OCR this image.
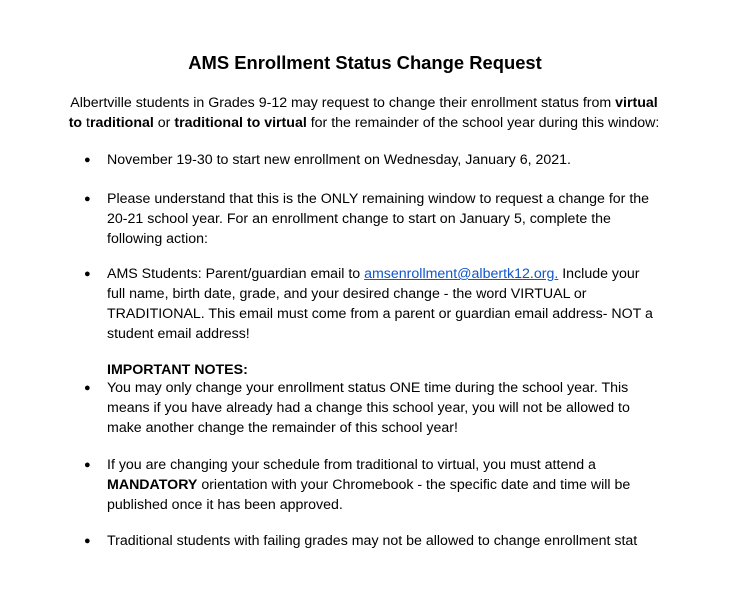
AMS Enrollment Status Change Request
Albertville students in Grades 9-12 may request to change their enrollment status from virtual
to traditional or traditional to virtual for the remainder of the school year during this window:
●	November 19-30 to start new enrollment on Wednesday, January 6, 2021.
●	Please understand that this is the ONLY remaining window to request a change for the
20-21 school year. For an enrollment change to start on January 5, complete the
following action:
●	AMS Students: Parent/guardian email to amsenrollment@albertk12.org. Include your
full name, birth date, grade, and your desired change - the word VIRTUAL or
TRADITIONAL. This email must come from a parent or guardian email address- NOT a
student email address!
IMPORTANT NOTES:
●	You may only change your enrollment status ONE time during the school year. This
means if you have already had a change this school year, you will not be allowed to
make another change the remainder of this school year!
●	If you are changing your schedule from traditional to virtual, you must attend a
MANDATORY orientation with your Chromebook - the specific date and time will be
published once it has been approved.
●	Traditional students with failing grades may not be allowed to change enrollment stat
